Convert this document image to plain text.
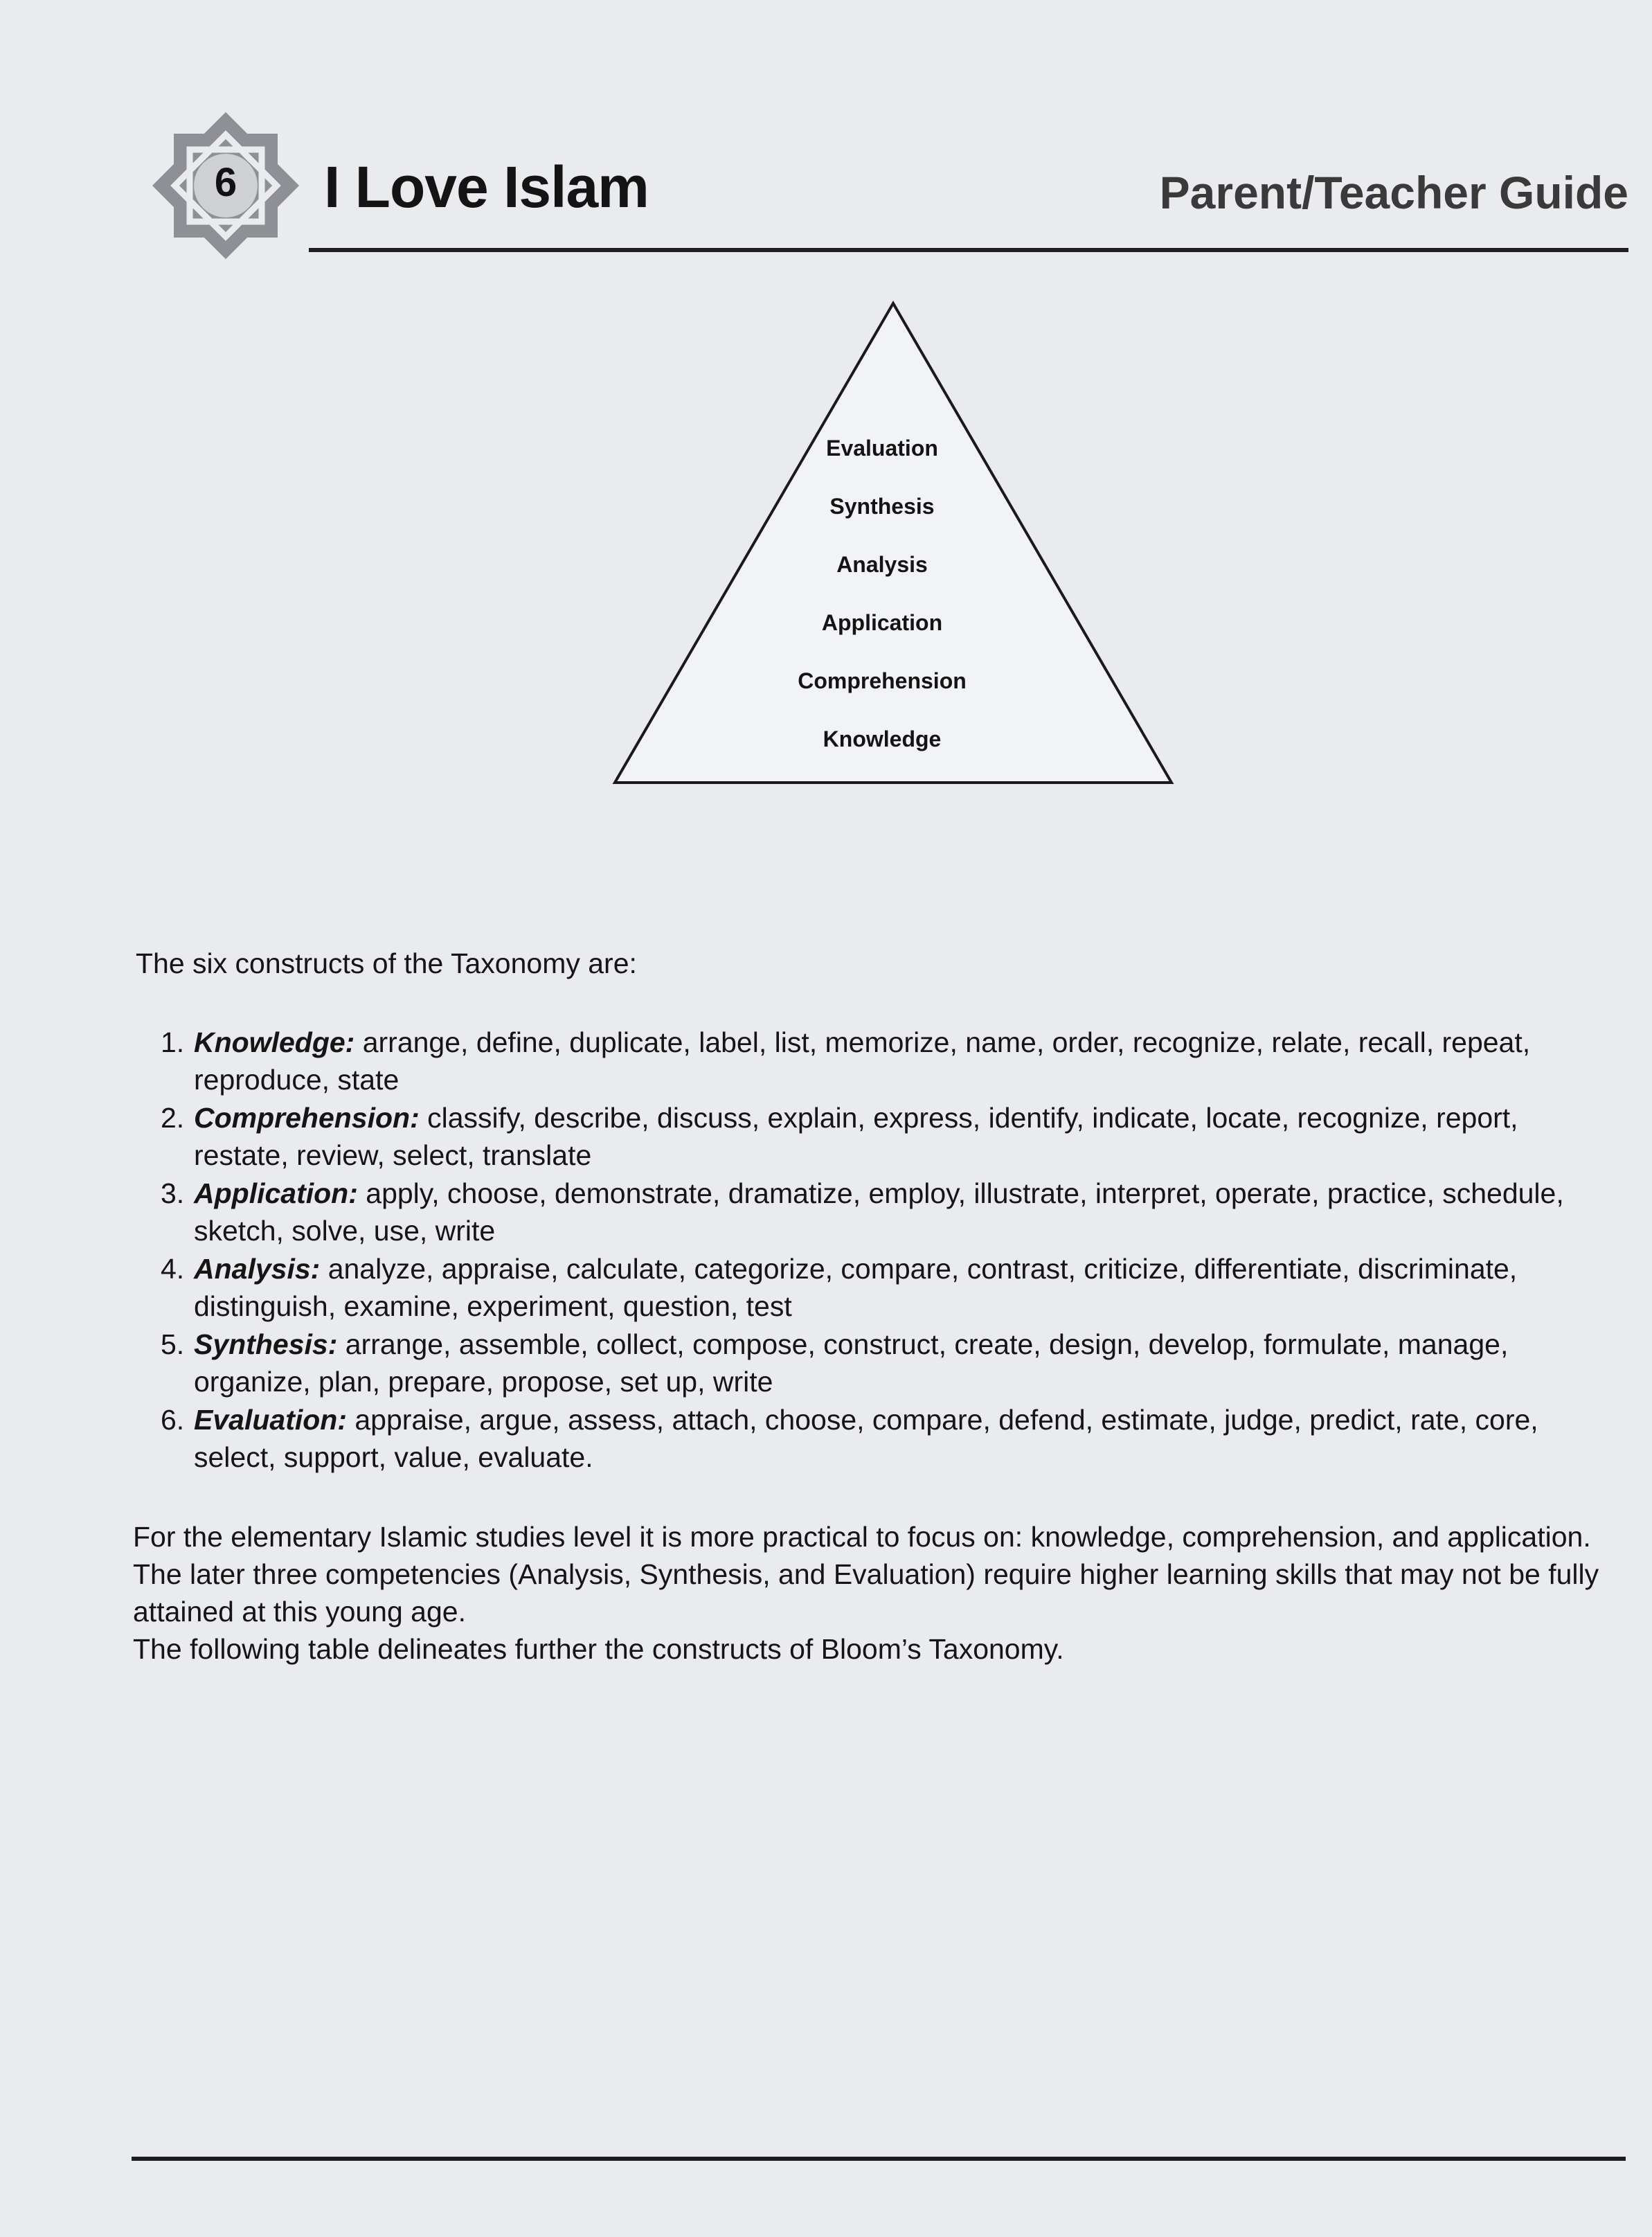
6 I Love Islam	Parent/Teacher Guide
Evaluation
Synthesis
Analysis
Application
Comprehension
Knowledge
The six constructs of the Taxonomy are:
1. Knowledge: arrange, define, duplicate, label, list, memorize, name, order, recognize, relate, recall, repeat, reproduce, state
2. Comprehension: classify, describe, discuss, explain, express, identify, indicate, locate, recognize, report, restate, review, select, translate
3. Application: apply, choose, demonstrate, dramatize, employ, illustrate, interpret, operate, practice, schedule, sketch, solve, use, write
4. Analysis: analyze, appraise, calculate, categorize, compare, contrast, criticize, differentiate, discriminate, distinguish, examine, experiment, question, test
5. Synthesis: arrange, assemble, collect, compose, construct, create, design, develop, formulate, manage, organize, plan, prepare, propose, set up, write
6. Evaluation: appraise, argue, assess, attach, choose, compare, defend, estimate, judge, predict, rate, core, select, support, value, evaluate.

For the elementary Islamic studies level it is more practical to focus on: knowledge, comprehension, and application. The later three competencies (Analysis, Synthesis, and Evaluation) require higher learning skills that may not be fully attained at this young age.

The following table delineates further the constructs of Bloom’s Taxonomy.
